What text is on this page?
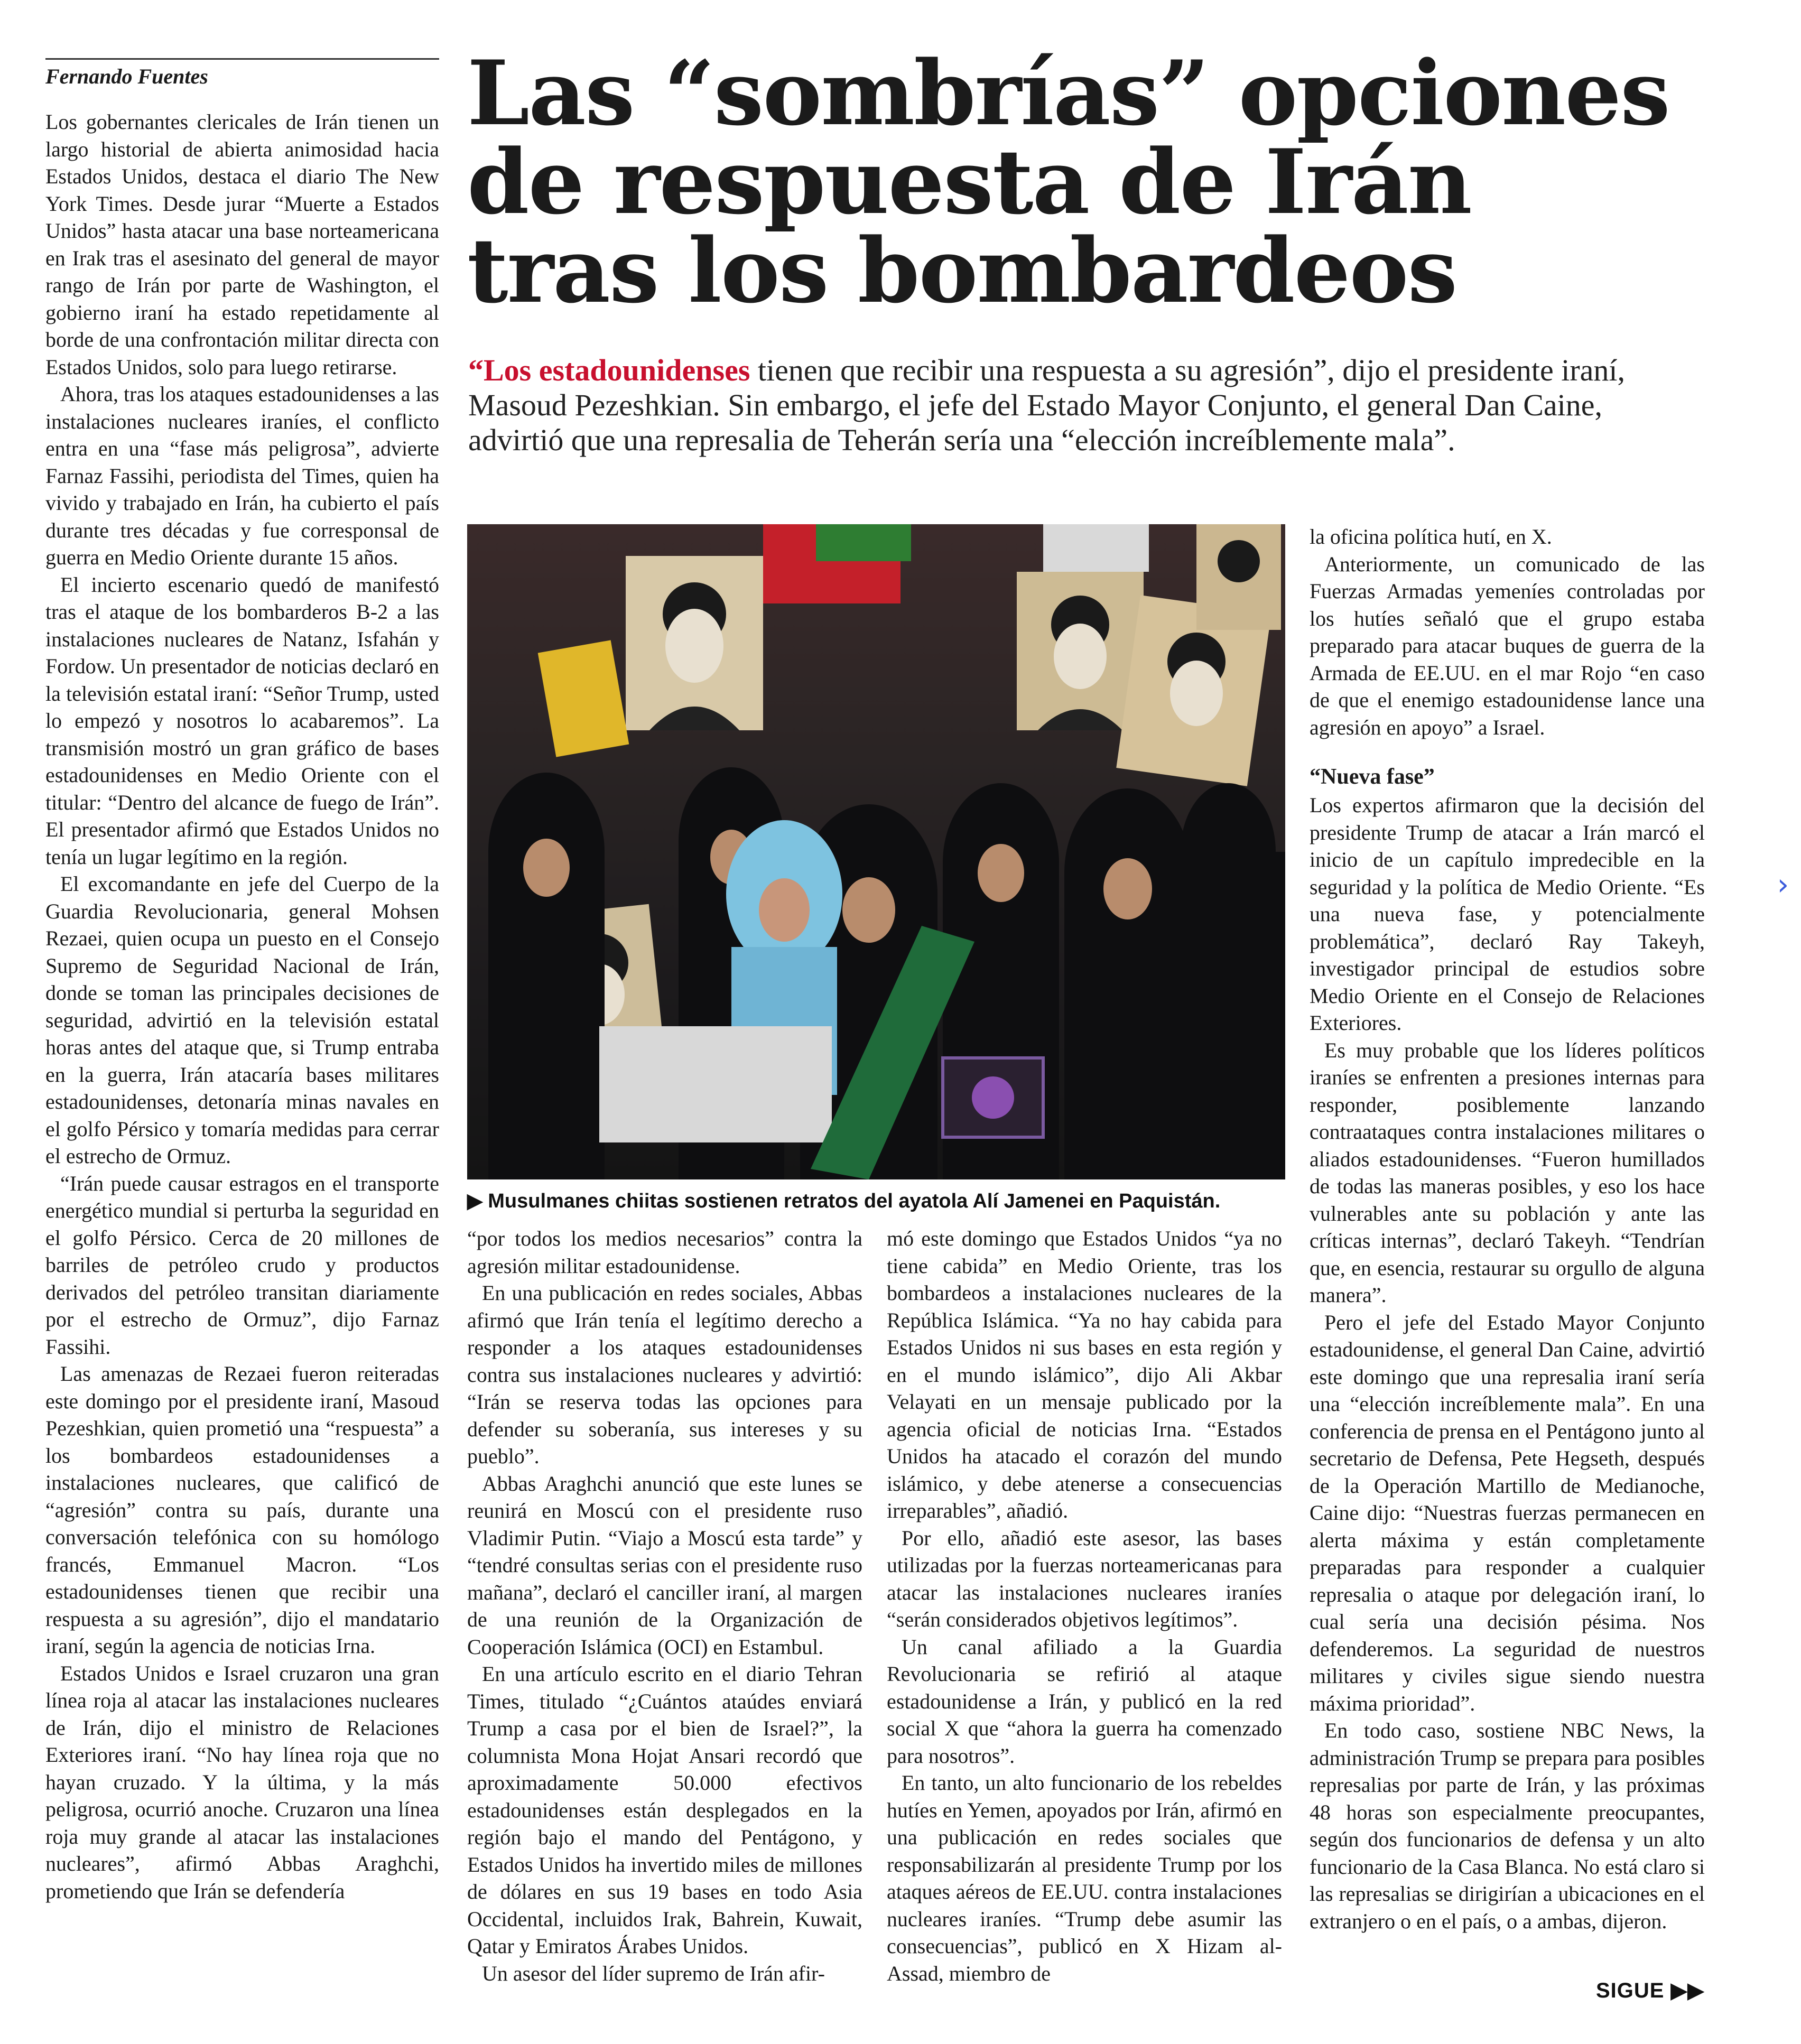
Fernando Fuentes	Las “sombrías” opciones de respuesta de Irán tras los bombardeos

“Los estadounidenses tienen que recibir una respuesta a su agresión”, dijo el presidente iraní, Masoud Pezeshkian. Sin embargo, el jefe del Estado Mayor Conjunto, el general Dan Caine, advirtió que una represalia de Teherán sería una “elección increíblemente mala”.

▶ Musulmanes chiitas sostienen retratos del ayatola Alí Jamenei en Paquistán.

Los gobernantes clericales de Irán tienen un largo historial de abierta animosidad hacia Estados Unidos, destaca el diario The New York Times. Desde jurar “Muerte a Estados Unidos” hasta atacar una base norteamericana en Irak tras el asesinato del general de mayor rango de Irán por parte de Washington, el gobierno iraní ha estado repetidamente al borde de una confrontación militar directa con Estados Unidos, solo para luego retirarse.

Ahora, tras los ataques estadounidenses a las instalaciones nucleares iraníes, el conflicto entra en una “fase más peligrosa”, advierte Farnaz Fassihi, periodista del Times, quien ha vivido y trabajado en Irán, ha cubierto el país durante tres décadas y fue corresponsal de guerra en Medio Oriente durante 15 años.

El incierto escenario quedó de manifestó tras el ataque de los bombarderos B-2 a las instalaciones nucleares de Natanz, Isfahán y Fordow. Un presentador de noticias declaró en la televisión estatal iraní: “Señor Trump, usted lo empezó y nosotros lo acabaremos”. La transmisión mostró un gran gráfico de bases estadounidenses en Medio Oriente con el titular: “Dentro del alcance de fuego de Irán”. El presentador afirmó que Estados Unidos no tenía un lugar legítimo en la región.

El excomandante en jefe del Cuerpo de la Guardia Revolucionaria, general Mohsen Rezaei, quien ocupa un puesto en el Consejo Supremo de Seguridad Nacional de Irán, donde se toman las principales decisiones de seguridad, advirtió en la televisión estatal horas antes del ataque que, si Trump entraba en la guerra, Irán atacaría bases militares estadounidenses, detonaría minas navales en el golfo Pérsico y tomaría medidas para cerrar el estrecho de Ormuz.

“Irán puede causar estragos en el transporte energético mundial si perturba la seguridad en el golfo Pérsico. Cerca de 20 millones de barriles de petróleo crudo y productos derivados del petróleo transitan diariamente por el estrecho de Ormuz”, dijo Farnaz Fassihi.

Las amenazas de Rezaei fueron reiteradas este domingo por el presidente iraní, Masoud Pezeshkian, quien prometió una “respuesta” a los bombardeos estadounidenses a instalaciones nucleares, que calificó de “agresión” contra su país, durante una conversación telefónica con su homólogo francés, Emmanuel Macron. “Los estadounidenses tienen que recibir una respuesta a su agresión”, dijo el mandatario iraní, según la agencia de noticias Irna.

Estados Unidos e Israel cruzaron una gran línea roja al atacar las instalaciones nucleares de Irán, dijo el ministro de Relaciones Exteriores iraní. “No hay línea roja que no hayan cruzado. Y la última, y la más peligrosa, ocurrió anoche. Cruzaron una línea roja muy grande al atacar las instalaciones nucleares”, afirmó Abbas Araghchi, prometiendo que Irán se defendería

“por todos los medios necesarios” contra la agresión militar estadounidense.

En una publicación en redes sociales, Abbas afirmó que Irán tenía el legítimo derecho a responder a los ataques estadounidenses contra sus instalaciones nucleares y advirtió: “Irán se reserva todas las opciones para defender su soberanía, sus intereses y su pueblo”.

Abbas Araghchi anunció que este lunes se reunirá en Moscú con el presidente ruso Vladimir Putin. “Viajo a Moscú esta tarde” y “tendré consultas serias con el presidente ruso mañana”, declaró el canciller iraní, al margen de una reunión de la Organización de Cooperación Islámica (OCI) en Estambul.

En una artículo escrito en el diario Tehran Times, titulado “¿Cuántos ataúdes enviará Trump a casa por el bien de Israel?”, la columnista Mona Hojat Ansari recordó que aproximadamente 50.000 efectivos estadounidenses están desplegados en la región bajo el mando del Pentágono, y Estados Unidos ha invertido miles de millones de dólares en sus 19 bases en todo Asia Occidental, incluidos Irak, Bahrein, Kuwait, Qatar y Emiratos Árabes Unidos.

Un asesor del líder supremo de Irán afir-

mó este domingo que Estados Unidos “ya no tiene cabida” en Medio Oriente, tras los bombardeos a instalaciones nucleares de la República Islámica. “Ya no hay cabida para Estados Unidos ni sus bases en esta región y en el mundo islámico”, dijo Ali Akbar Velayati en un mensaje publicado por la agencia oficial de noticias Irna. “Estados Unidos ha atacado el corazón del mundo islámico, y debe atenerse a consecuencias irreparables”, añadió.

Por ello, añadió este asesor, las bases utilizadas por la fuerzas norteamericanas para atacar las instalaciones nucleares iraníes “serán considerados objetivos legítimos”.

Un canal afiliado a la Guardia Revolucionaria se refirió al ataque estadounidense a Irán, y publicó en la red social X que “ahora la guerra ha comenzado para nosotros”.

En tanto, un alto funcionario de los rebeldes hutíes en Yemen, apoyados por Irán, afirmó en una publicación en redes sociales que responsabilizarán al presidente Trump por los ataques aéreos de EE.UU. contra instalaciones nucleares iraníes. “Trump debe asumir las consecuencias”, publicó en X Hizam al-Assad, miembro de

la oficina política hutí, en X.

Anteriormente, un comunicado de las Fuerzas Armadas yemeníes controladas por los hutíes señaló que el grupo estaba preparado para atacar buques de guerra de la Armada de EE.UU. en el mar Rojo “en caso de que el enemigo estadounidense lance una agresión en apoyo” a Israel.

“Nueva fase”

Los expertos afirmaron que la decisión del presidente Trump de atacar a Irán marcó el inicio de un capítulo impredecible en la seguridad y la política de Medio Oriente. “Es una nueva fase, y potencialmente problemática”, declaró Ray Takeyh, investigador principal de estudios sobre Medio Oriente en el Consejo de Relaciones Exteriores.

Es muy probable que los líderes políticos iraníes se enfrenten a presiones internas para responder, posiblemente lanzando contraataques contra instalaciones militares o aliados estadounidenses. “Fueron humillados de todas las maneras posibles, y eso los hace vulnerables ante su población y ante las críticas internas”, declaró Takeyh. “Tendrían que, en esencia, restaurar su orgullo de alguna manera”.

Pero el jefe del Estado Mayor Conjunto estadounidense, el general Dan Caine, advirtió este domingo que una represalia iraní sería una “elección increíblemente mala”. En una conferencia de prensa en el Pentágono junto al secretario de Defensa, Pete Hegseth, después de la Operación Martillo de Medianoche, Caine dijo: “Nuestras fuerzas permanecen en alerta máxima y están completamente preparadas para responder a cualquier represalia o ataque por delegación iraní, lo cual sería una decisión pésima. Nos defenderemos. La seguridad de nuestros militares y civiles sigue siendo nuestra máxima prioridad”.

En todo caso, sostiene NBC News, la administración Trump se prepara para posibles represalias por parte de Irán, y las próximas 48 horas son especialmente preocupantes, según dos funcionarios de defensa y un alto funcionario de la Casa Blanca. No está claro si las represalias se dirigirían a ubicaciones en el extranjero o en el país, o a ambas, dijeron.

SIGUE ▶▶
›
